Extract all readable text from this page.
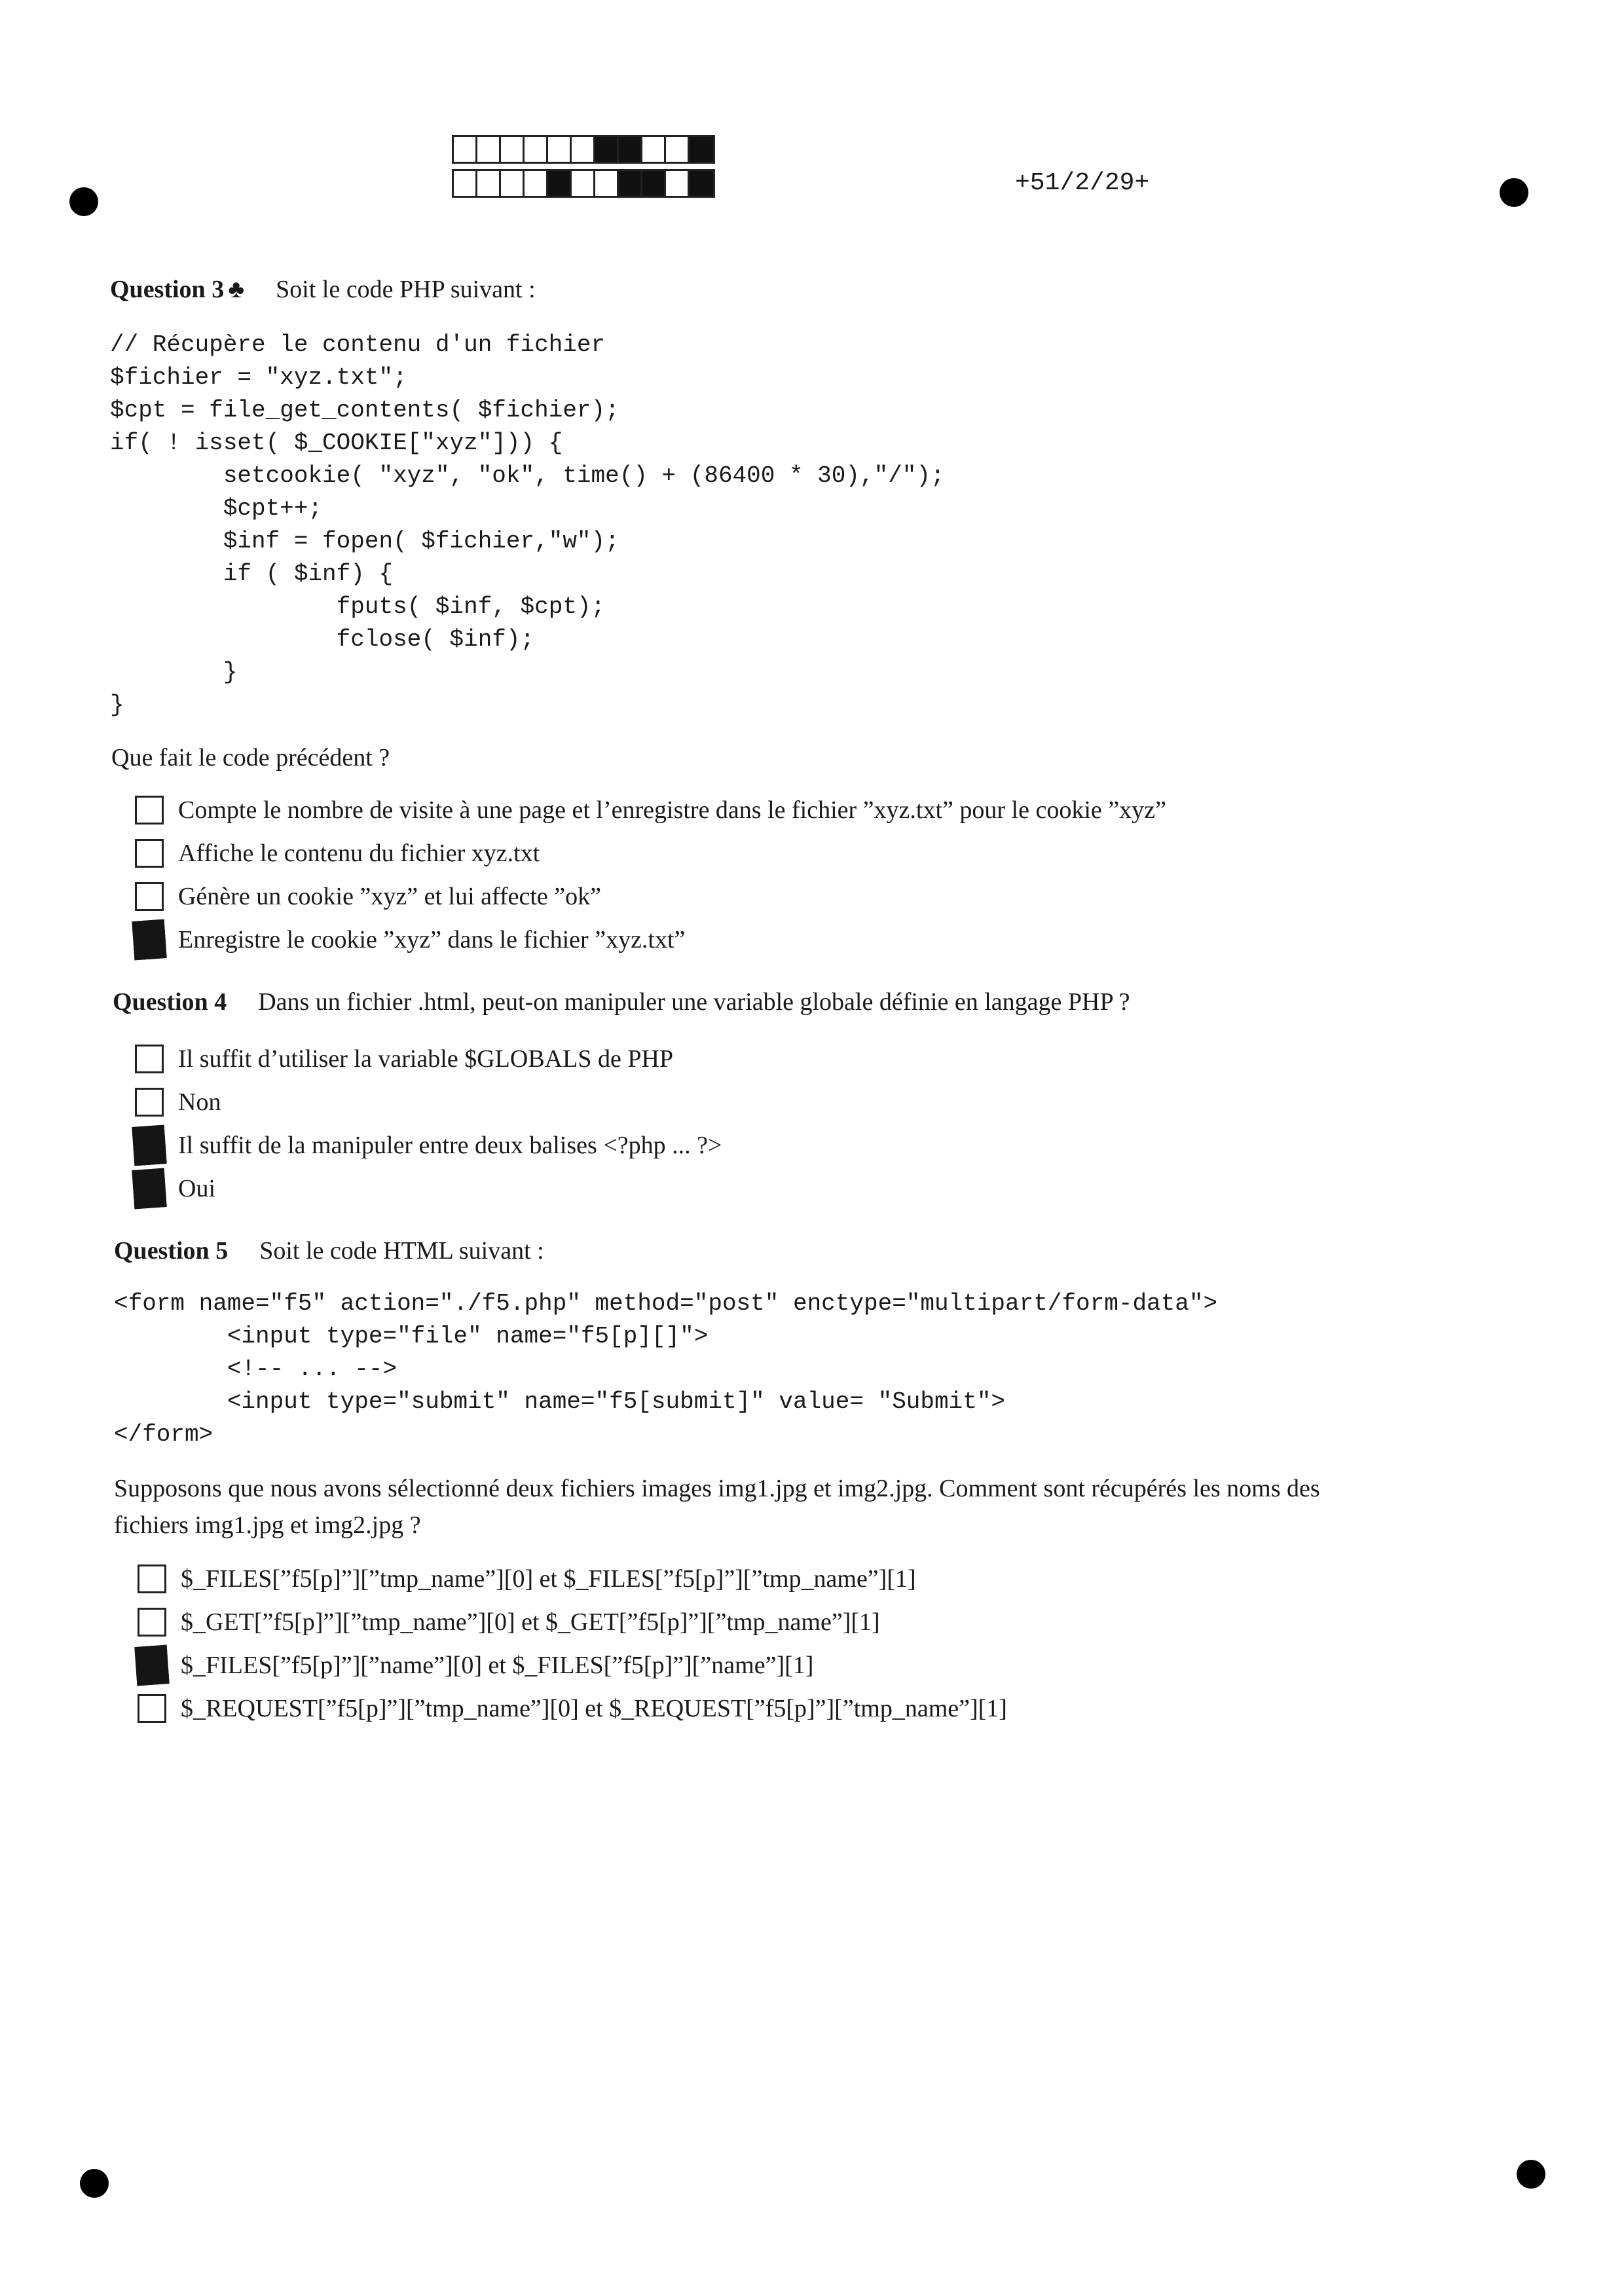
+51/2/29+
Question 3 ♣ Soit le code PHP suivant :
// Récupère le contenu d'un fichier
$fichier = "xyz.txt";
$cpt = file_get_contents( $fichier);
if( ! isset( $_COOKIE["xyz"])) {
setcookie( "xyz", "ok", time() + (86400 * 30),"/");
$cpt++;
$inf = fopen( $fichier,"w");
if ( $inf) {
fputs( $inf, $cpt);
fclose( $inf);
}
}
Que fait le code précédent ?
Compte le nombre de visite à une page et l’enregistre dans le fichier ”xyz.txt” pour le cookie ”xyz”
Affiche le contenu du fichier xyz.txt
Génère un cookie ”xyz” et lui affecte ”ok”
Enregistre le cookie ”xyz” dans le fichier ”xyz.txt”
Question 4 Dans un fichier .html, peut-on manipuler une variable globale définie en langage PHP ?
Il suffit d’utiliser la variable $GLOBALS de PHP
Non
Il suffit de la manipuler entre deux balises <?php ... ?>
Oui
Question 5 Soit le code HTML suivant :
<form name="f5" action="./f5.php" method="post" enctype="multipart/form-data">
<input type="file" name="f5[p][]">
<!-- ... -->
<input type="submit" name="f5[submit]" value= "Submit">
</form>
Supposons que nous avons sélectionné deux fichiers images img1.jpg et img2.jpg. Comment sont récupérés les noms des
fichiers img1.jpg et img2.jpg ?
$_FILES[”f5[p]”][”tmp_name”][0] et $_FILES[”f5[p]”][”tmp_name”][1]
$_GET[”f5[p]”][”tmp_name”][0] et $_GET[”f5[p]”][”tmp_name”][1]
$_FILES[”f5[p]”][”name”][0] et $_FILES[”f5[p]”][”name”][1]
$_REQUEST[”f5[p]”][”tmp_name”][0] et $_REQUEST[”f5[p]”][”tmp_name”][1]
